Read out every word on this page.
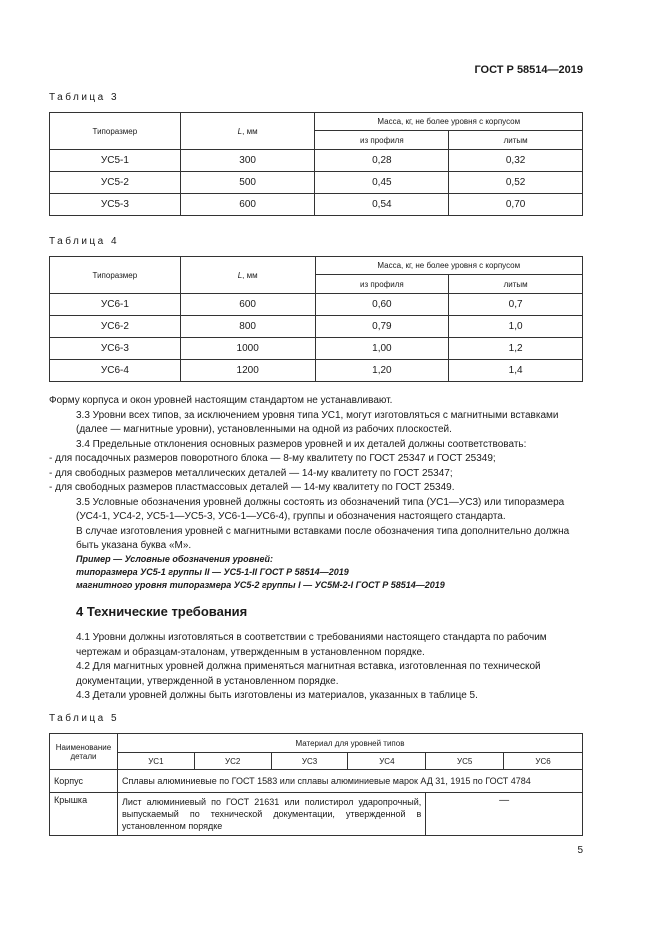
ГОСТ Р 58514—2019
Таблица 3
Типоразмер	L, мм	Масса, кг, не более уровня с корпусом	
		из профиля	литым
УС5-1	300	0,28	0,32
УС5-2	500	0,45	0,52
УС5-3	600	0,54	0,70
Таблица 4
Типоразмер	L, мм	Масса, кг, не более уровня с корпусом	
		из профиля	литым
УС6-1	600	0,60	0,7
УС6-2	800	0,79	1,0
УС6-3	1000	1,00	1,2
УС6-4	1200	1,20	1,4

Форму корпуса и окон уровней настоящим стандартом не устанавливают.

3.3 Уровни всех типов, за исключением уровня типа УС1, могут изготовляться с магнитными вставками (далее — магнитные уровни), установленными на одной из рабочих плоскостей.

3.4 Предельные отклонения основных размеров уровней и их деталей должны соответствовать:

- для посадочных размеров поворотного блока — 8-му квалитету по ГОСТ 25347 и ГОСТ 25349;

- для свободных размеров металлических деталей — 14-му квалитету по ГОСТ 25347;

- для свободных размеров пластмассовых деталей — 14-му квалитету по ГОСТ 25349.

3.5 Условные обозначения уровней должны состоять из обозначений типа (УС1—УС3) или типоразмера (УС4-1, УС4-2, УС5-1—УС5-3, УС6-1—УС6-4), группы и обозначения настоящего стандарта.

В случае изготовления уровней с магнитными вставками после обозначения типа дополнительно должна быть указана буква «М».

Пример — Условные обозначения уровней:
типоразмера УС5-1 группы II — УС5-1-II ГОСТ Р 58514—2019
магнитного уровня типоразмера УС5-2 группы I — УС5М-2-I ГОСТ Р 58514—2019
4 Технические требования

4.1 Уровни должны изготовляться в соответствии с требованиями настоящего стандарта по рабочим чертежам и образцам-эталонам, утвержденным в установленном порядке.

4.2 Для магнитных уровней должна применяться магнитная вставка, изготовленная по технической документации, утвержденной в установленном порядке.

4.3 Детали уровней должны быть изготовлены из материалов, указанных в таблице 5.

Таблица 5
Наименование детали	Материал для уровней типов					
	УС1	УС2	УС3	УС4	УС5	УС6
Корпус	Сплавы алюминиевые по ГОСТ 1583 или сплавы алюминиевые марок АД 31, 1915 по ГОСТ 4784					
Крышка	Лист алюминиевый по ГОСТ 21631 или полистирол ударопрочный, выпускаемый по технической документации, утвержденной в установленном порядке				—	
5
